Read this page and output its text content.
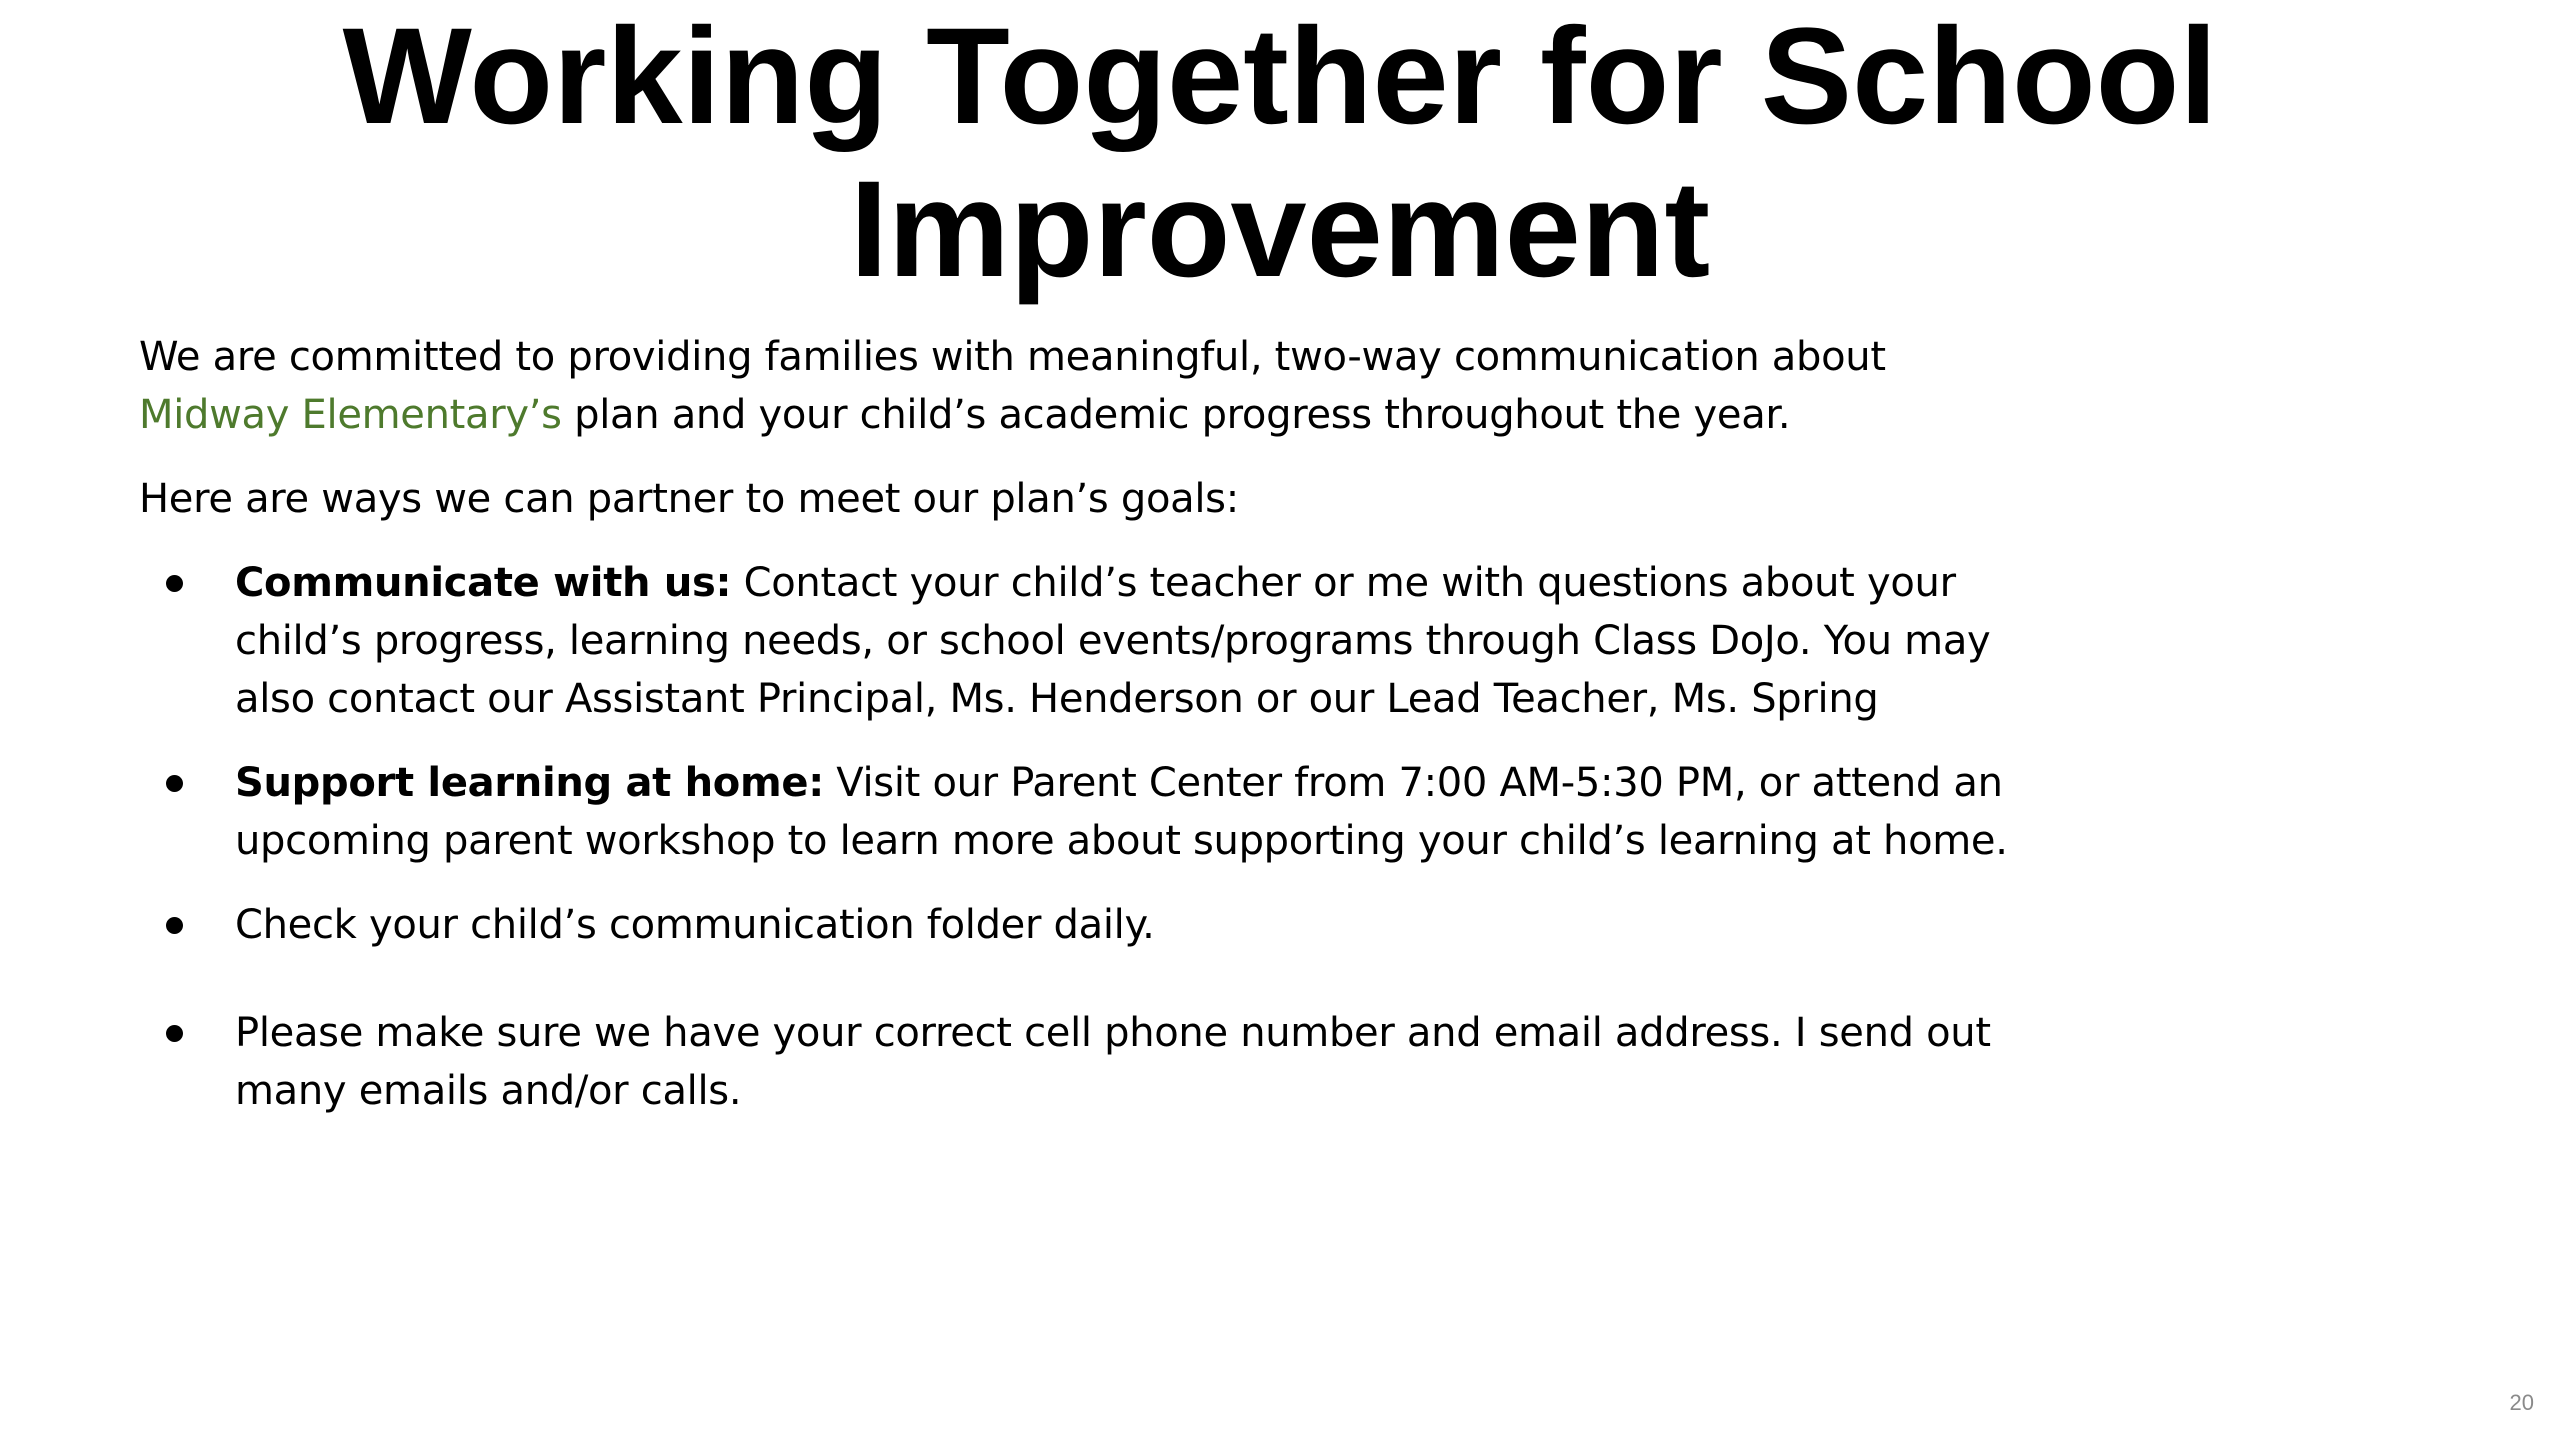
Working Together for School
Improvement

We are committed to providing families with meaningful, two-way communication about Midway Elementary’s plan and your child’s academic progress throughout the year.

Here are ways we can partner to meet our plan’s goals:

Communicate with us: Contact your child’s teacher or me with questions about your child’s progress, learning needs, or school events/programs through Class DoJo. You may also contact our Assistant Principal, Ms. Henderson or our Lead Teacher, Ms. Spring
Support learning at home: Visit our Parent Center from 7:00 AM-5:30 PM, or attend an upcoming parent workshop to learn more about supporting your child’s learning at home.
Check your child’s communication folder daily.
Please make sure we have your correct cell phone number and email address. I send out many emails and/or calls.
20
